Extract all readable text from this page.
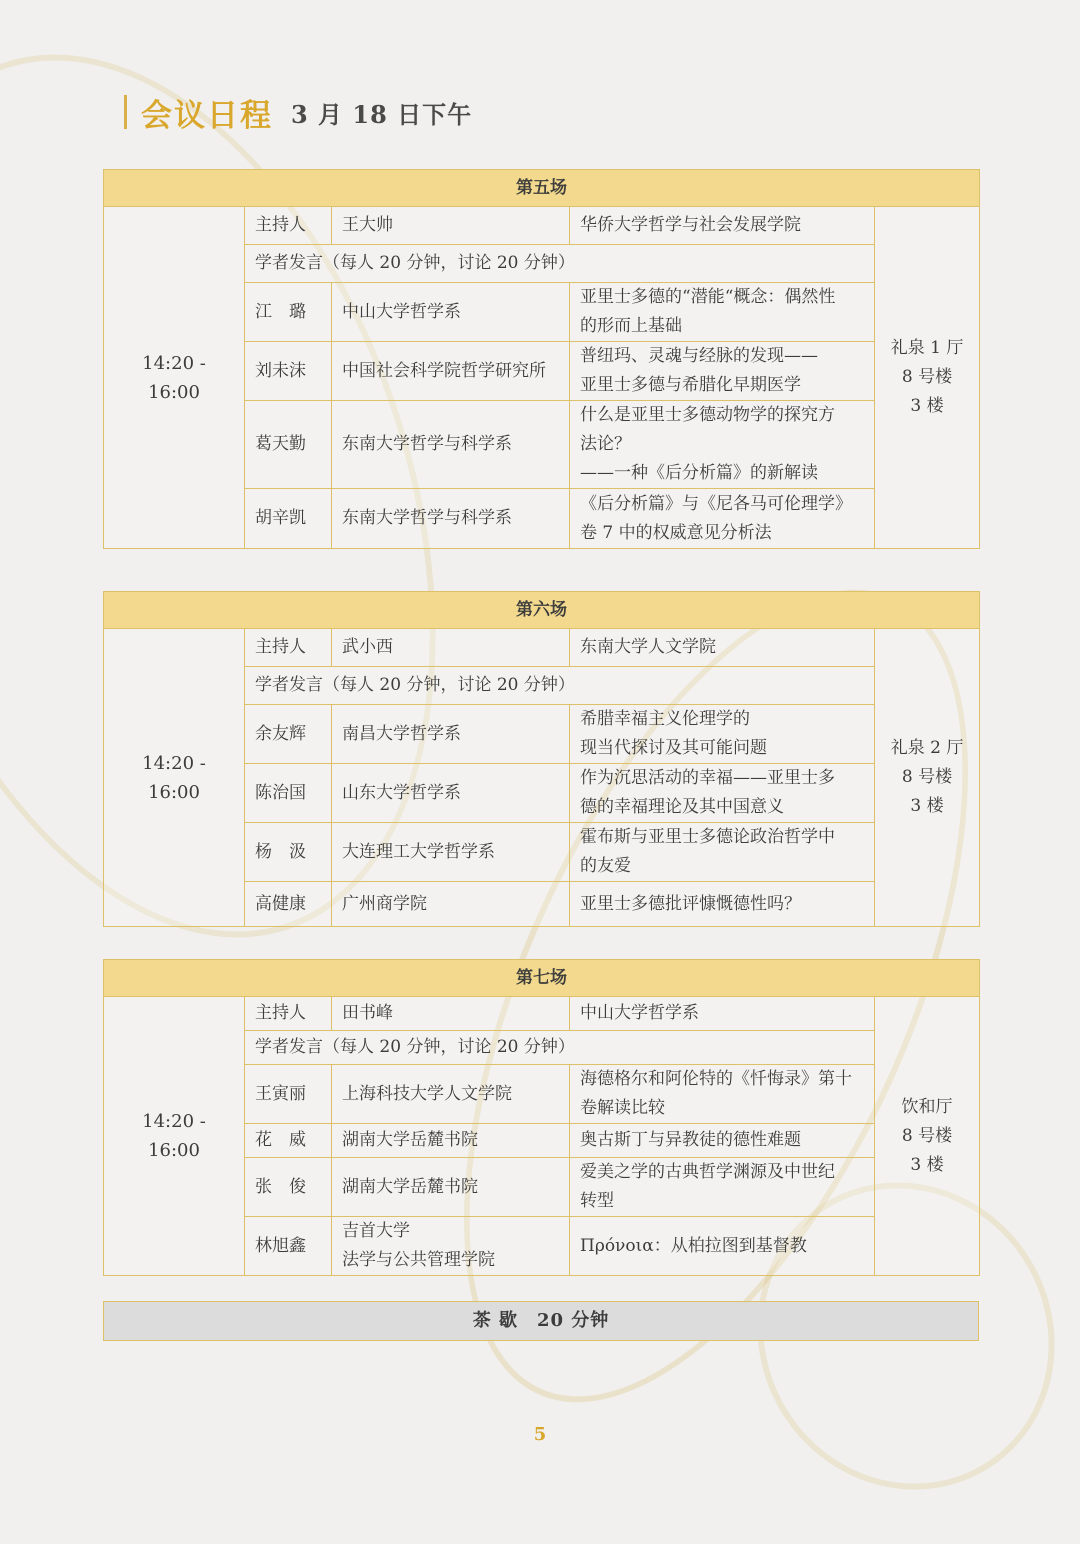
会议日程 3 月 18 日下午
第五场				
14:20 - 16:00	主持人	王大帅	华侨大学哲学与社会发展学院	礼泉 1 厅
8 号楼
3 楼

	学者发言（每人 20 分钟，讨论 20 分钟）			
	江　璐	中山大学哲学系	亚里士多德的“潜能“概念：偶然性
的形而上基础	

	刘未沫	中国社会科学院哲学研究所	普纽玛、灵魂与经脉的发现——
亚里士多德与希腊化早期医学	

	葛天勤	东南大学哲学与科学系	什么是亚里士多德动物学的探究方
法论？
——一种《后分析篇》的新解读	

	胡辛凯	东南大学哲学与科学系	《后分析篇》与《尼各马可伦理学》
卷 7 中的权威意见分析法	
第六场				
14:20 - 16:00	主持人	武小西	东南大学人文学院	礼泉 2 厅
8 号楼
3 楼

	学者发言（每人 20 分钟，讨论 20 分钟）			
	余友辉	南昌大学哲学系	希腊幸福主义伦理学的
现当代探讨及其可能问题	

	陈治国	山东大学哲学系	作为沉思活动的幸福——亚里士多
德的幸福理论及其中国意义	

	杨　汲	大连理工大学哲学系	霍布斯与亚里士多德论政治哲学中
的友爱	

	高健康	广州商学院	亚里士多德批评慷慨德性吗？	
第七场				
14:20 - 16:00	主持人	田书峰	中山大学哲学系	饮和厅
8 号楼
3 楼

	学者发言（每人 20 分钟，讨论 20 分钟）			
	王寅丽	上海科技大学人文学院	海德格尔和阿伦特的《忏悔录》第十
卷解读比较	

	花　威	湖南大学岳麓书院	奥古斯丁与异教徒的德性难题	

	张　俊	湖南大学岳麓书院	爱美之学的古典哲学渊源及中世纪
转型	

	林旭鑫	吉首大学
法学与公共管理学院	Πρόνοια：从柏拉图到基督教	
茶 歇　20 分钟
5
